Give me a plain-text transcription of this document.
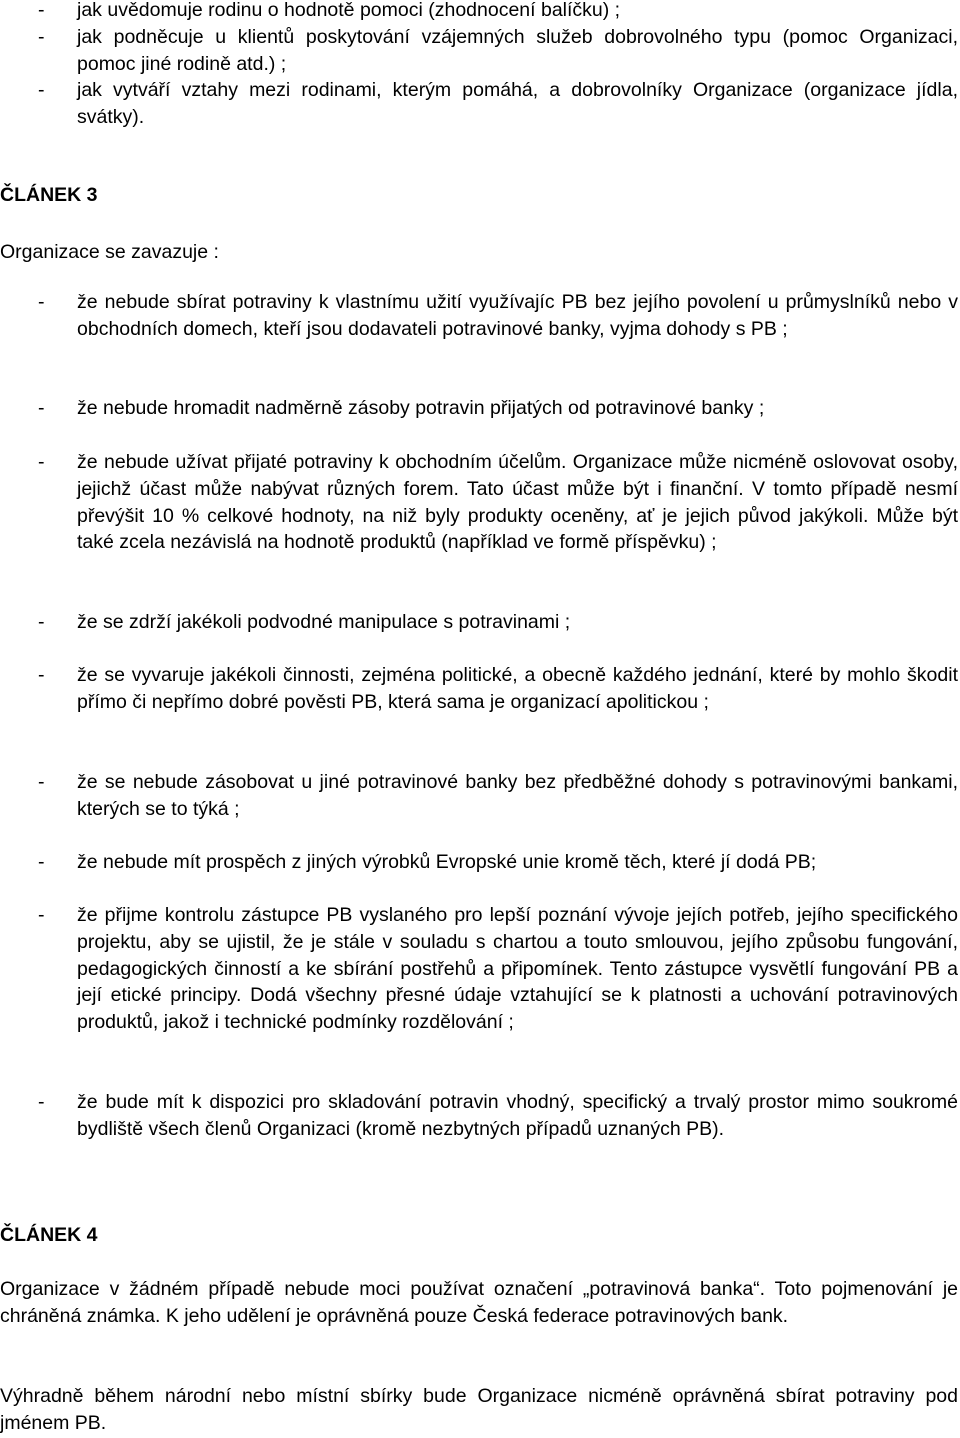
- jak uvědomuje rodinu o hodnotě pomoci (zhodnocení balíčku) ;
- jak podněcuje u klientů poskytování vzájemných služeb dobrovolného typu (pomoc Organizaci, pomoc jiné rodině atd.) ;
- jak vytváří vztahy mezi rodinami, kterým pomáhá, a dobrovolníky Organizace (organizace jídla, svátky).
ČLÁNEK 3
Organizace se zavazuje :
- že nebude sbírat potraviny k vlastnímu užití využívajíc PB bez jejího povolení u průmyslníků nebo v obchodních domech, kteří jsou dodavateli potravinové banky, vyjma dohody s PB ;
- že nebude hromadit nadměrně zásoby potravin přijatých od potravinové banky ;
- že nebude užívat přijaté potraviny k obchodním účelům. Organizace může nicméně oslovovat osoby, jejichž účast může nabývat různých forem. Tato účast může být i finanční. V tomto případě nesmí převýšit 10 % celkové hodnoty, na niž byly produkty oceněny, ať je jejich původ jakýkoli. Může být také zcela nezávislá na hodnotě produktů (například ve formě příspěvku) ;
- že se zdrží jakékoli podvodné manipulace s potravinami ;
- že se vyvaruje jakékoli činnosti, zejména politické, a obecně každého jednání, které by mohlo škodit přímo či nepřímo dobré pověsti PB, která sama je organizací apolitickou ;
- že se nebude zásobovat u jiné potravinové banky bez předběžné dohody s potravinovými bankami, kterých se to týká ;
- že nebude mít prospěch z jiných výrobků Evropské unie kromě těch, které jí dodá PB;
- že přijme kontrolu zástupce PB vyslaného pro lepší poznání vývoje jejích potřeb, jejího specifického projektu, aby se ujistil, že je stále v souladu s chartou a touto smlouvou, jejího způsobu fungování, pedagogických činností a ke sbírání postřehů a připomínek. Tento zástupce vysvětlí fungování PB a její etické principy. Dodá všechny přesné údaje vztahující se k platnosti a uchování potravinových produktů, jakož i technické podmínky rozdělování ;
- že bude mít k dispozici pro skladování potravin vhodný, specifický a trvalý prostor mimo soukromé bydliště všech členů Organizaci (kromě nezbytných případů uznaných PB).
ČLÁNEK 4
Organizace v žádném případě nebude moci používat označení „potravinová banka“. Toto pojmenování je chráněná známka. K jeho udělení je oprávněná pouze Česká federace potravinových bank.
Výhradně během národní nebo místní sbírky bude Organizace nicméně oprávněná sbírat potraviny pod jménem PB.
